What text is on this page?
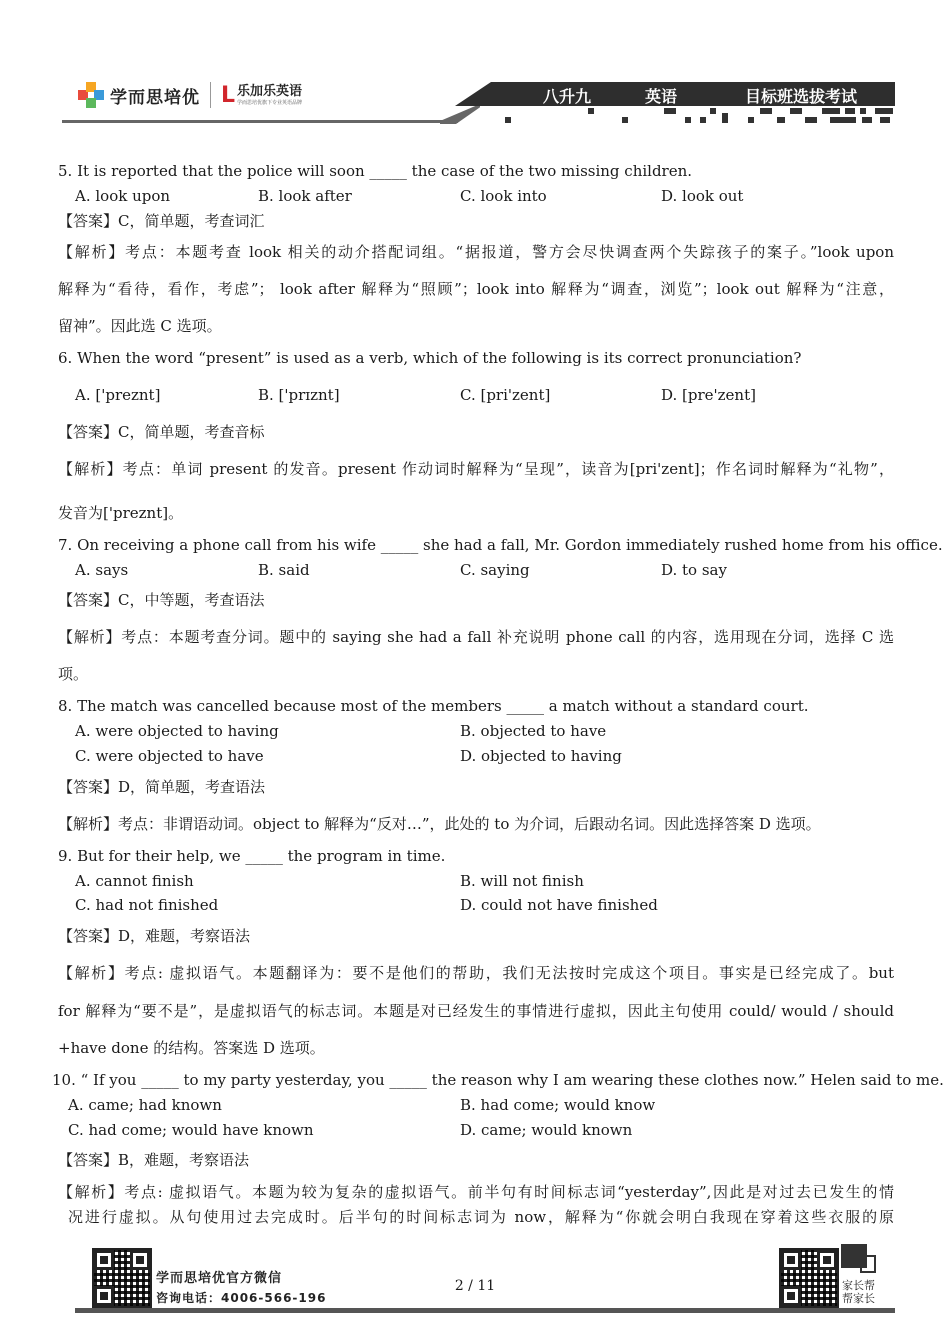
学而思培优 L 乐加乐英语
学而思培优旗下专业英语品牌	八升九	英语	目标班选拔考试
5. It is reported that the police will soon _____ the case of the two missing children.
A. look upon	B. look after	C. look into	D. look out
【答案】C，简单题，考查词汇
【解析】考点：本题考查 look 相关的动介搭配词组。“据报道，警方会尽快调查两个失踪孩子的案子。”look upon
解释为“看待，看作，考虑”； look after 解释为“照顾”；look into 解释为“调查，浏览”；look out 解释为“注意，
留神”。因此选 C 选项。
6. When the word “present” is used as a verb, which of the following is its correct pronunciation?
A. ['preznt]	B. ['prɪznt]	C. [pri'zent]	D. [pre'zent]
【答案】C，简单题，考查音标
【解析】考点：单词 present 的发音。present 作动词时解释为“呈现”，读音为[pri'zent]；作名词时解释为“礼物”，
发音为['preznt]。
7. On receiving a phone call from his wife _____ she had a fall, Mr. Gordon immediately rushed home from his office.
A. says	B. said	C. saying	D. to say
【答案】C，中等题，考查语法
【解析】考点：本题考查分词。题中的 saying she had a fall 补充说明 phone call 的内容，选用现在分词，选择 C 选
项。
8. The match was cancelled because most of the members _____ a match without a standard court.
A. were objected to having	B. objected to have
C. were objected to have	D. objected to having
【答案】D，简单题，考查语法
【解析】考点：非谓语动词。object to 解释为“反对…”，此处的 to 为介词，后跟动名词。因此选择答案 D 选项。
9. But for their help, we _____ the program in time.
A. cannot finish	B. will not finish
C. had not finished	D. could not have finished
【答案】D，难题，考察语法
【解析】考点: 虚拟语气。本题翻译为：要不是他们的帮助，我们无法按时完成这个项目。事实是已经完成了。but
for 解释为“要不是”，是虚拟语气的标志词。本题是对已经发生的事情进行虚拟，因此主句使用 could/ would / should
+have done 的结构。答案选 D 选项。
10. “ If you _____ to my party yesterday, you _____ the reason why I am wearing these clothes now.” Helen said to me.
A. came; had known	B. had come; would know
C. had come; would have known	D. came; would known
【答案】B，难题，考察语法
【解析】考点: 虚拟语气。本题为较为复杂的虚拟语气。前半句有时间标志词“yesterday”,因此是对过去已发生的情
况进行虚拟。从句使用过去完成时。后半句的时间标志词为 now，解释为“你就会明白我现在穿着这些衣服的原
学而思培优官方微信
咨询电话：4006-566-196
2 / 11	家长帮
帮家长
